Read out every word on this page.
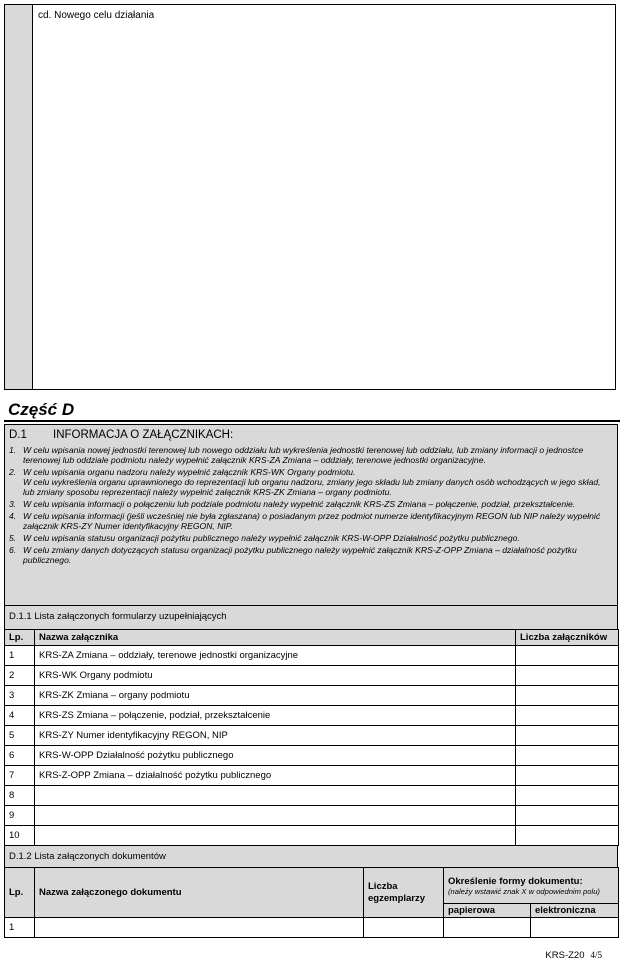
cd. Nowego celu działania
Część D
D.1 INFORMACJA O ZAŁĄCZNIKACH:
1. W celu wpisania nowej jednostki terenowej lub nowego oddziału lub wykreślenia jednostki terenowej lub oddziału, lub zmiany informacji o jednostce terenowej lub oddziale podmiotu należy wypełnić załącznik KRS-ZA Zmiana – oddziały, terenowe jednostki organizacyjne.
2. W celu wpisania organu nadzoru należy wypełnić załącznik KRS-WK Organy podmiotu.
W celu wykreślenia organu uprawnionego do reprezentacji lub organu nadzoru, zmiany jego składu lub zmiany danych osób wchodzących w jego skład, lub zmiany sposobu reprezentacji należy wypełnić załącznik KRS-ZK Zmiana – organy podmiotu.
3. W celu wpisania informacji o połączeniu lub podziale podmiotu należy wypełnić załącznik KRS-ZS Zmiana – połączenie, podział, przekształcenie.
4. W celu wpisania informacji (jeśli wcześniej nie była zgłaszana) o posiadanym przez podmiot numerze identyfikacyjnym REGON lub NIP należy wypełnić załącznik KRS-ZY Numer identyfikacyjny REGON, NIP.
5. W celu wpisania statusu organizacji pożytku publicznego należy wypełnić załącznik KRS-W-OPP Działalność pożytku publicznego.
6. W celu zmiany danych dotyczących statusu organizacji pożytku publicznego należy wypełnić załącznik KRS-Z-OPP Zmiana – działalność pożytku publicznego.
D.1.1 Lista załączonych formularzy uzupełniających
Lp.	Nazwa załącznika	Liczba załączników
1	KRS-ZA Zmiana – oddziały, terenowe jednostki organizacyjne	
2	KRS-WK Organy podmiotu	
3	KRS-ZK Zmiana – organy podmiotu	
4	KRS-ZS Zmiana – połączenie, podział, przekształcenie	
5	KRS-ZY Numer identyfikacyjny REGON, NIP	
6	KRS-W-OPP Działalność pożytku publicznego	
7	KRS-Z-OPP Zmiana – działalność pożytku publicznego	
8		
9		
10		
D.1.2 Lista załączonych dokumentów
Lp.	Nazwa załączonego dokumentu	Liczba egzemplarzy	Określenie formy dokumentu:
(należy wstawić znak X w odpowiednim polu)	

			papierowa	elektroniczna
1				
KRS-Z20 4/5
